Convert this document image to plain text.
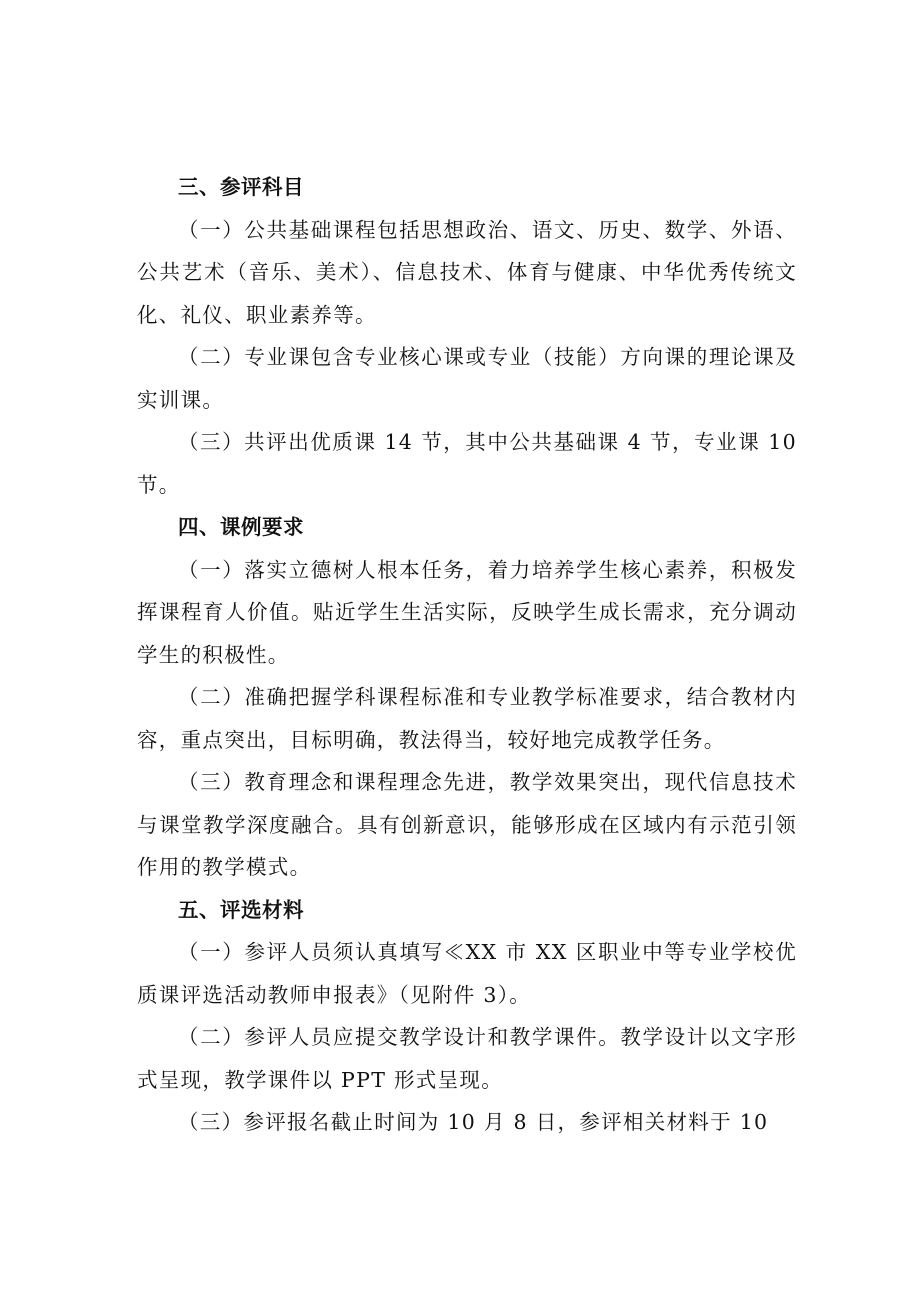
三、参评科目

（一）公共基础课程包括思想政治、语文、历史、数学、外语、公共艺术（音乐、美术）、信息技术、体育与健康、中华优秀传统文化、礼仪、职业素养等。

（二）专业课包含专业核心课或专业（技能）方向课的理论课及实训课。

（三）共评出优质课 14 节，其中公共基础课 4 节，专业课 10 节。

四、课例要求

（一）落实立德树人根本任务，着力培养学生核心素养，积极发挥课程育人价值。贴近学生生活实际，反映学生成长需求，充分调动学生的积极性。

（二）准确把握学科课程标准和专业教学标准要求，结合教材内容，重点突出，目标明确，教法得当，较好地完成教学任务。

（三）教育理念和课程理念先进，教学效果突出，现代信息技术与课堂教学深度融合。具有创新意识，能够形成在区域内有示范引领作用的教学模式。

五、评选材料

（一）参评人员须认真填写≪XX 市 XX 区职业中等专业学校优质课评选活动教师申报表》（见附件 3）。

（二）参评人员应提交教学设计和教学课件。教学设计以文字形式呈现，教学课件以 PPT 形式呈现。

（三）参评报名截止时间为 10 月 8 日，参评相关材料于 10
